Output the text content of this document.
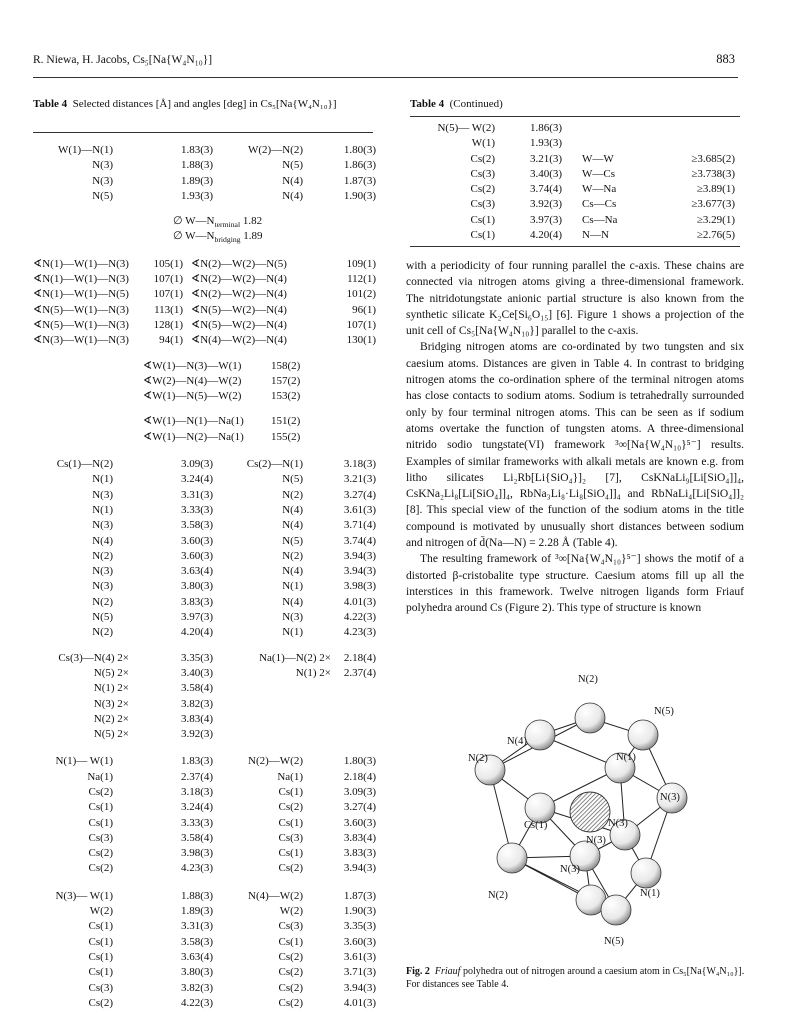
R. Niewa, H. Jacobs, Cs₅[Na{W₄N₁₀}]	883
Table 4 Selected distances [Å] and angles [deg] in Cs₅[Na{W₄N₁₀}]
W(1)—N(1)	1.83(3)	W(2)—N(2)	1.80(3)
N(3)	1.88(3)	N(5)	1.86(3)
N(3)	1.89(3)	N(4)	1.87(3)
N(5)	1.93(3)	N(4)	1.90(3)
∅ $W—N_{terminal}$ 1.82
∅ $W—N_{bridging}$ 1.89
∢N(1)—W(1)—N(3)	105(1) ∢N(2)—W(2)—N(5)	109(1)
∢N(1)—W(1)—N(3)	107(1) ∢N(2)—W(2)—N(4)	112(1)
∢N(1)—W(1)—N(5)	107(1) ∢N(2)—W(2)—N(4)	101(2)
∢N(5)—W(1)—N(3)	113(1) ∢N(5)—W(2)—N(4)	96(1)
∢N(5)—W(1)—N(3)	128(1) ∢N(5)—W(2)—N(4)	107(1)
∢N(3)—W(1)—N(3)	94(1) ∢N(4)—W(2)—N(4)	130(1)
∢W(1)—N(3)—W(1)	158(2)
∢W(2)—N(4)—W(2)	157(2)
∢W(1)—N(5)—W(2)	153(2)
∢W(1)—N(1)—Na(1)	151(2)
∢W(1)—N(2)—Na(1)	155(2)
Cs(1)—N(2)	3.09(3)	Cs(2)—N(1)	3.18(3)
N(1)	3.24(4)	N(5)	3.21(3)
N(3)	3.31(3)	N(2)	3.27(4)
N(1)	3.33(3)	N(4)	3.61(3)
N(3)	3.58(3)	N(4)	3.71(4)
N(4)	3.60(3)	N(5)	3.74(4)
N(2)	3.60(3)	N(2)	3.94(3)
N(3)	3.63(4)	N(4)	3.94(3)
N(3)	3.80(3)	N(1)	3.98(3)
N(2)	3.83(3)	N(4)	4.01(3)
N(5)	3.97(3)	N(3)	4.22(3)
N(2)	4.20(4)	N(1)	4.23(3)
Cs(3)—N(4) 2×	3.35(3)	Na(1)—N(2) 2×	2.18(4)
N(5) 2×	3.40(3)	N(1) 2×	2.37(4)
N(1) 2×	3.58(4)
N(3) 2×	3.82(3)
N(2) 2×	3.83(4)
N(5) 2×	3.92(3)
N(1)— W(1)	1.83(3)	N(2)—W(2)	1.80(3)
Na(1)	2.37(4)	Na(1)	2.18(4)
Cs(2)	3.18(3)	Cs(1)	3.09(3)
Cs(1)	3.24(4)	Cs(2)	3.27(4)
Cs(1)	3.33(3)	Cs(1)	3.60(3)
Cs(3)	3.58(4)	Cs(3)	3.83(4)
Cs(2)	3.98(3)	Cs(1)	3.83(3)
Cs(2)	4.23(3)	Cs(2)	3.94(3)
N(3)— W(1)	1.88(3)	N(4)—W(2)	1.87(3)
W(2)	1.89(3)	W(2)	1.90(3)
Cs(1)	3.31(3)	Cs(3)	3.35(3)
Cs(1)	3.58(3)	Cs(1)	3.60(3)
Cs(1)	3.63(4)	Cs(2)	3.61(3)
Cs(1)	3.80(3)	Cs(2)	3.71(3)
Cs(3)	3.82(3)	Cs(2)	3.94(3)
Cs(2)	4.22(3)	Cs(2)	4.01(3)
Table 4 (Continued)
N(5)— W(2)	1.86(3)
W(1)	1.93(3)
Cs(2)	3.21(3)	W—W	≥3.685(2)
Cs(3)	3.40(3)	W—Cs	≥3.738(3)
Cs(2)	3.74(4)	W—Na	≥3.89(1)
Cs(3)	3.92(3)	Cs—Cs	≥3.677(3)
Cs(1)	3.97(3)	Cs—Na	≥3.29(1)
Cs(1)	4.20(4)	N—N	≥2.76(5)

with a periodicity of four running parallel the c-axis. These chains are connected via nitrogen atoms giving a three-dimensional framework. The nitridotungstate anionic partial structure is also known from the synthetic silicate K₂Ce[Si₆O₁₅] [6]. Figure 1 shows a projection of the unit cell of Cs₅[Na{W₄N₁₀}] parallel to the c-axis.

Bridging nitrogen atoms are co-ordinated by two tungsten and six caesium atoms. Distances are given in Table 4. In contrast to bridging nitrogen atoms the co-ordination sphere of the terminal nitrogen atoms has close contacts to sodium atoms. Sodium is tetrahedrally surrounded only by four terminal nitrogen atoms. This can be seen as if sodium atoms overtake the function of tungsten atoms. A three-dimensional nitrido sodio tungstate(VI) framework ³∞[Na{W₄N₁₀}⁵⁻] results. Examples of similar frameworks with alkali metals are known e.g. from litho silicates Li₂Rb[Li{SiO₄}]₂ [7], CsKNaLi₉[Li[SiO₄]]₄, CsKNa₂Li₈[Li[SiO₄]]₄, RbNa₃Li₈·Li₈[SiO₄]]₄ and RbNaLi₄[Li[SiO₄]]₂ [8]. This special view of the function of the sodium atoms in the title compound is motivated by unusually short distances between sodium and nitrogen of d̄(Na—N) = 2.28 Å (Table 4).

The resulting framework of ³∞[Na{W₄N₁₀}⁵⁻] shows the motif of a distorted β-cristobalite type structure. Caesium atoms fill up all the interstices in this framework. Twelve nitrogen ligands form Friauf polyhedra around Cs (Figure 2). This type of structure is known

N(2)
N(5)
N(4)
N(1)
N(2)
Cs(1)
N(3)
N(3)
N(3)
N(3)
N(1)
N(2)
N(5)
Fig. 2 Friauf polyhedra out of nitrogen around a caesium atom in Cs₅[Na{W₄N₁₀}]. For distances see Table 4.
